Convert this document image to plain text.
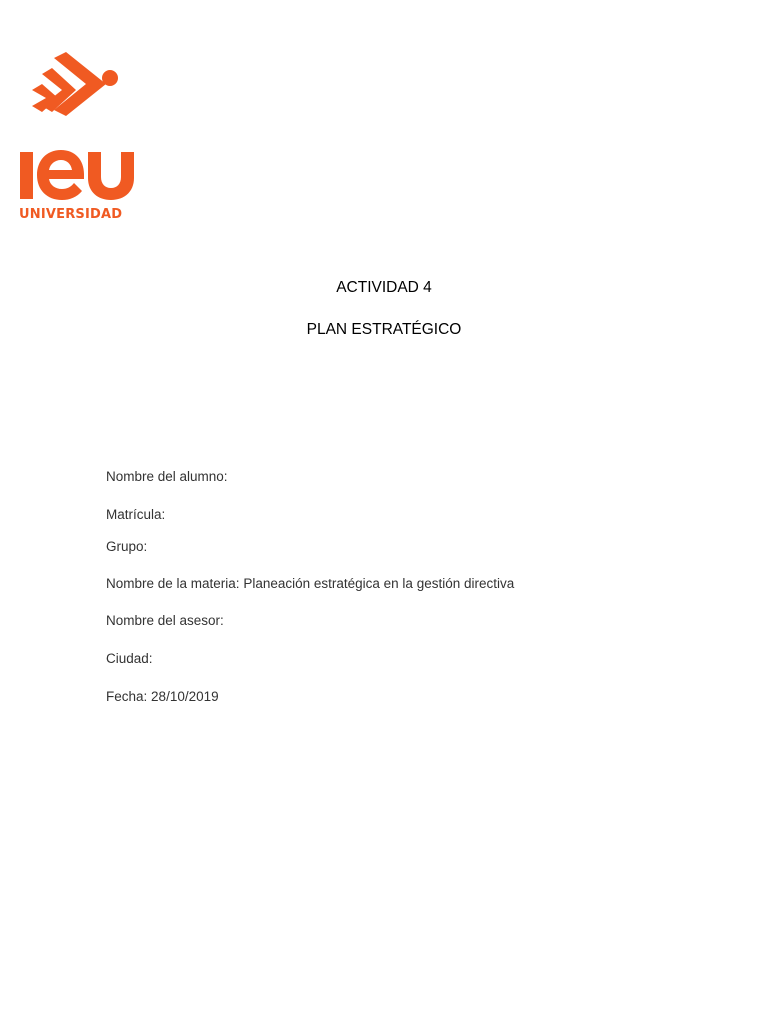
UNIVERSIDAD
ACTIVIDAD 4
PLAN ESTRATÉGICO
Nombre del alumno:
Matrícula:
Grupo:
Nombre de la materia: Planeación estratégica en la gestión directiva
Nombre del asesor:
Ciudad:
Fecha: 28/10/2019
